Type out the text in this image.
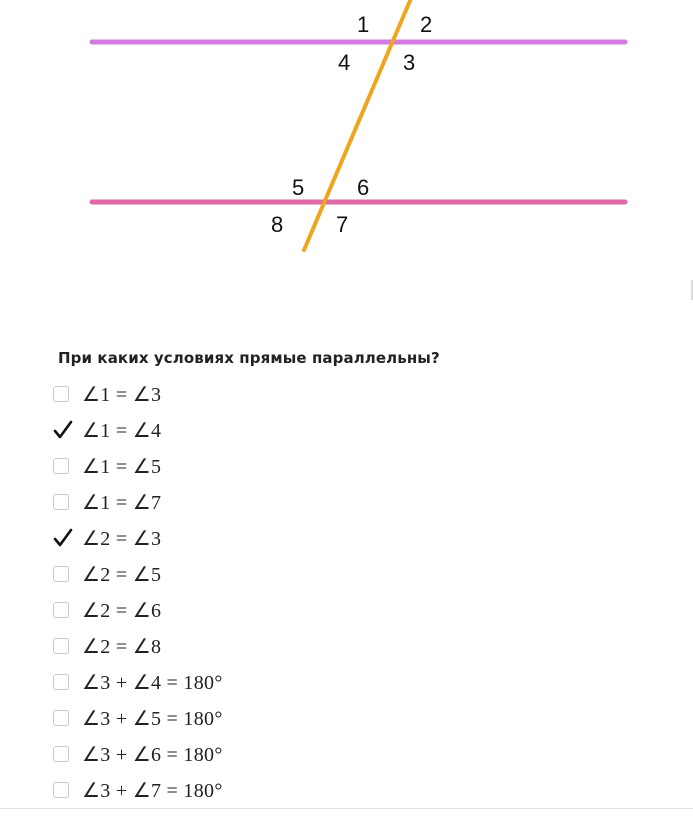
1 2
3
4
5 6
7
8
При каких условиях прямые параллельны?
∠1 = ∠3
∠1 = ∠4
∠1 = ∠5
∠1 = ∠7
∠2 = ∠3
∠2 = ∠5
∠2 = ∠6
∠2 = ∠8
∠3 + ∠4 = 180°
∠3 + ∠5 = 180°
∠3 + ∠6 = 180°
∠3 + ∠7 = 180°
